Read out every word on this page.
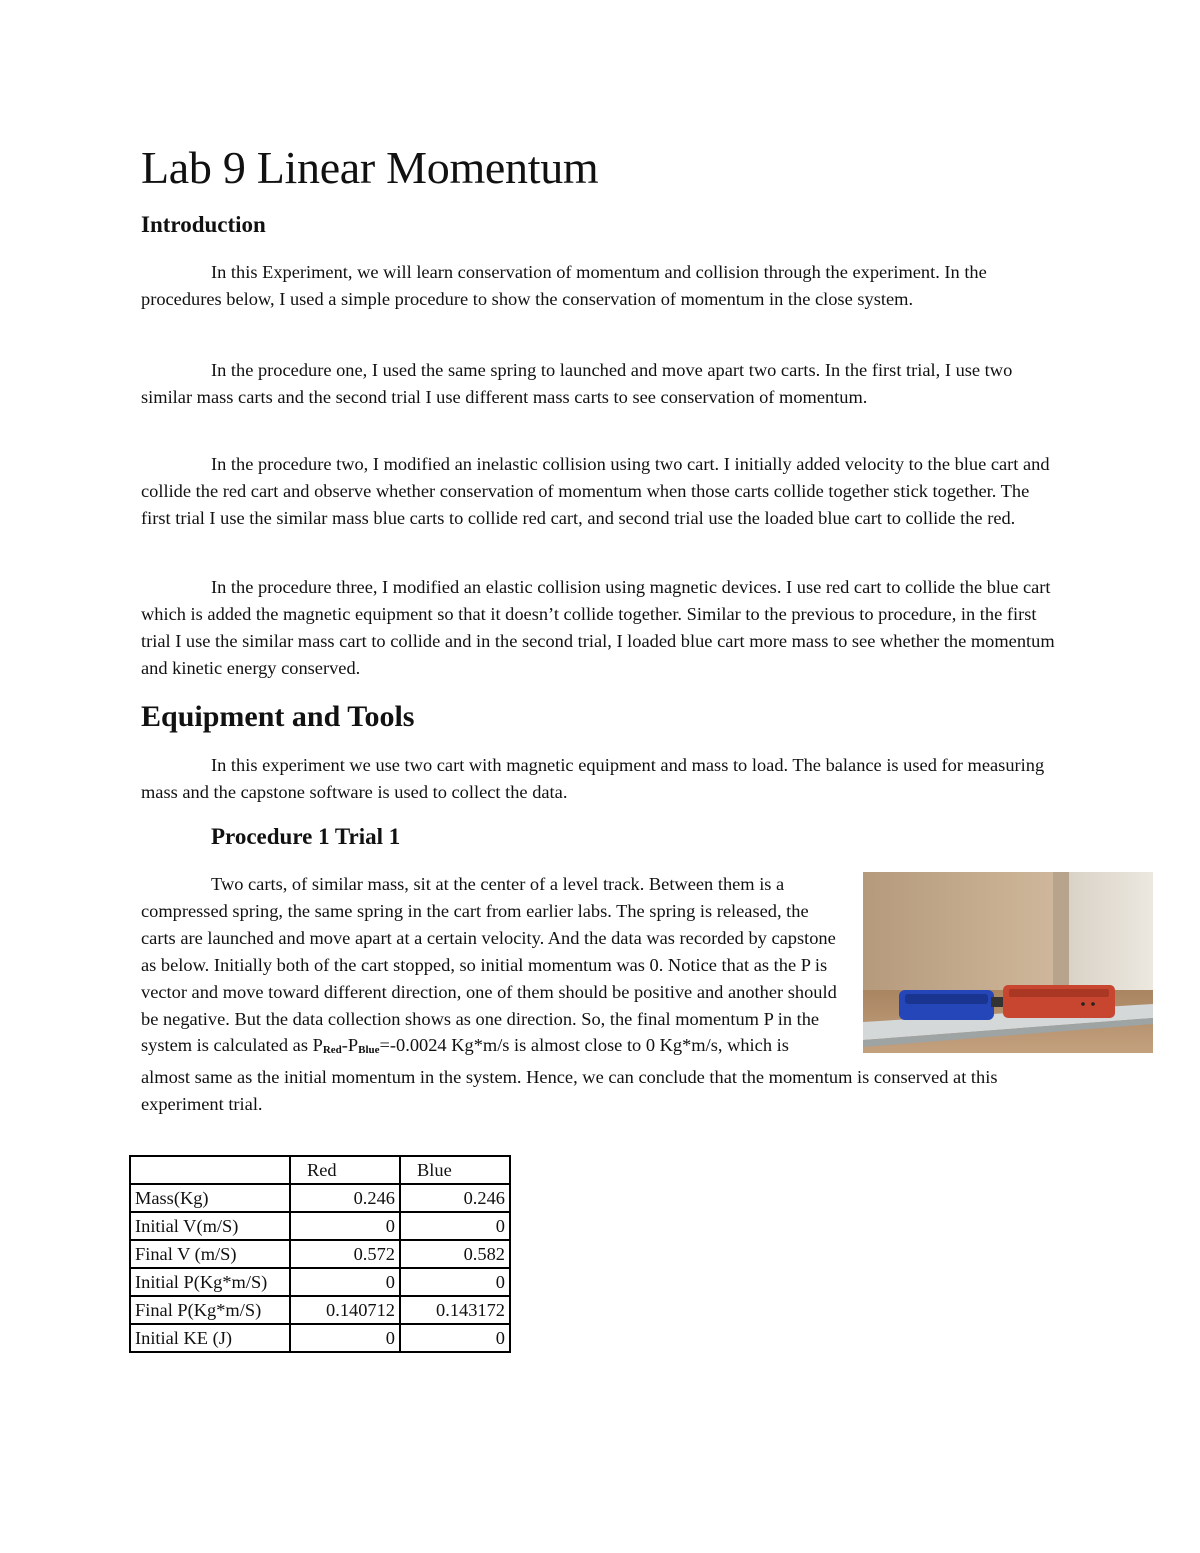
Lab 9 Linear Momentum
Introduction

In this Experiment, we will learn conservation of momentum and collision through the experiment. In the procedures below, I used a simple procedure to show the conservation of momentum in the close system.

In the procedure one, I used the same spring to launched and move apart two carts. In the first trial, I use two similar mass carts and the second trial I use different mass carts to see conservation of momentum.

In the procedure two, I modified an inelastic collision using two cart. I initially added velocity to the blue cart and collide the red cart and observe whether conservation of momentum when those carts collide together stick together. The first trial I use the similar mass blue carts to collide red cart, and second trial use the loaded blue cart to collide the red.

In the procedure three, I modified an elastic collision using magnetic devices. I use red cart to collide the blue cart which is added the magnetic equipment so that it doesn’t collide together. Similar to the previous to procedure, in the first trial I use the similar mass cart to collide and in the second trial, I loaded blue cart more mass to see whether the momentum and kinetic energy conserved.

Equipment and Tools

In this experiment we use two cart with magnetic equipment and mass to load. The balance is used for measuring mass and the capstone software is used to collect the data.

Procedure 1 Trial 1

Two carts, of similar mass, sit at the center of a level track. Between them is a compressed spring, the same spring in the cart from earlier labs. The spring is released, the carts are launched and move apart at a certain velocity. And the data was recorded by capstone as below. Initially both of the cart stopped, so initial momentum was 0. Notice that as the P is vector and move toward different direction, one of them should be positive and another should be negative. But the data collection shows as one direction. So, the final momentum P in the system is calculated as $P_{Red}-P_{Blue}=-0.0024$ Kg*m/s is almost close to 0 Kg*m/s, which is almost same as the initial momentum in the system. Hence, we can conclude that the momentum is conserved at this experiment trial.

	Red	Blue
Mass(Kg)	0.246	0.246
Initial V(m/S)	0	0
Final V (m/S)	0.572	0.582
Initial P(Kg*m/S)	0	0
Final P(Kg*m/S)	0.140712	0.143172
Initial KE (J)	0	0
